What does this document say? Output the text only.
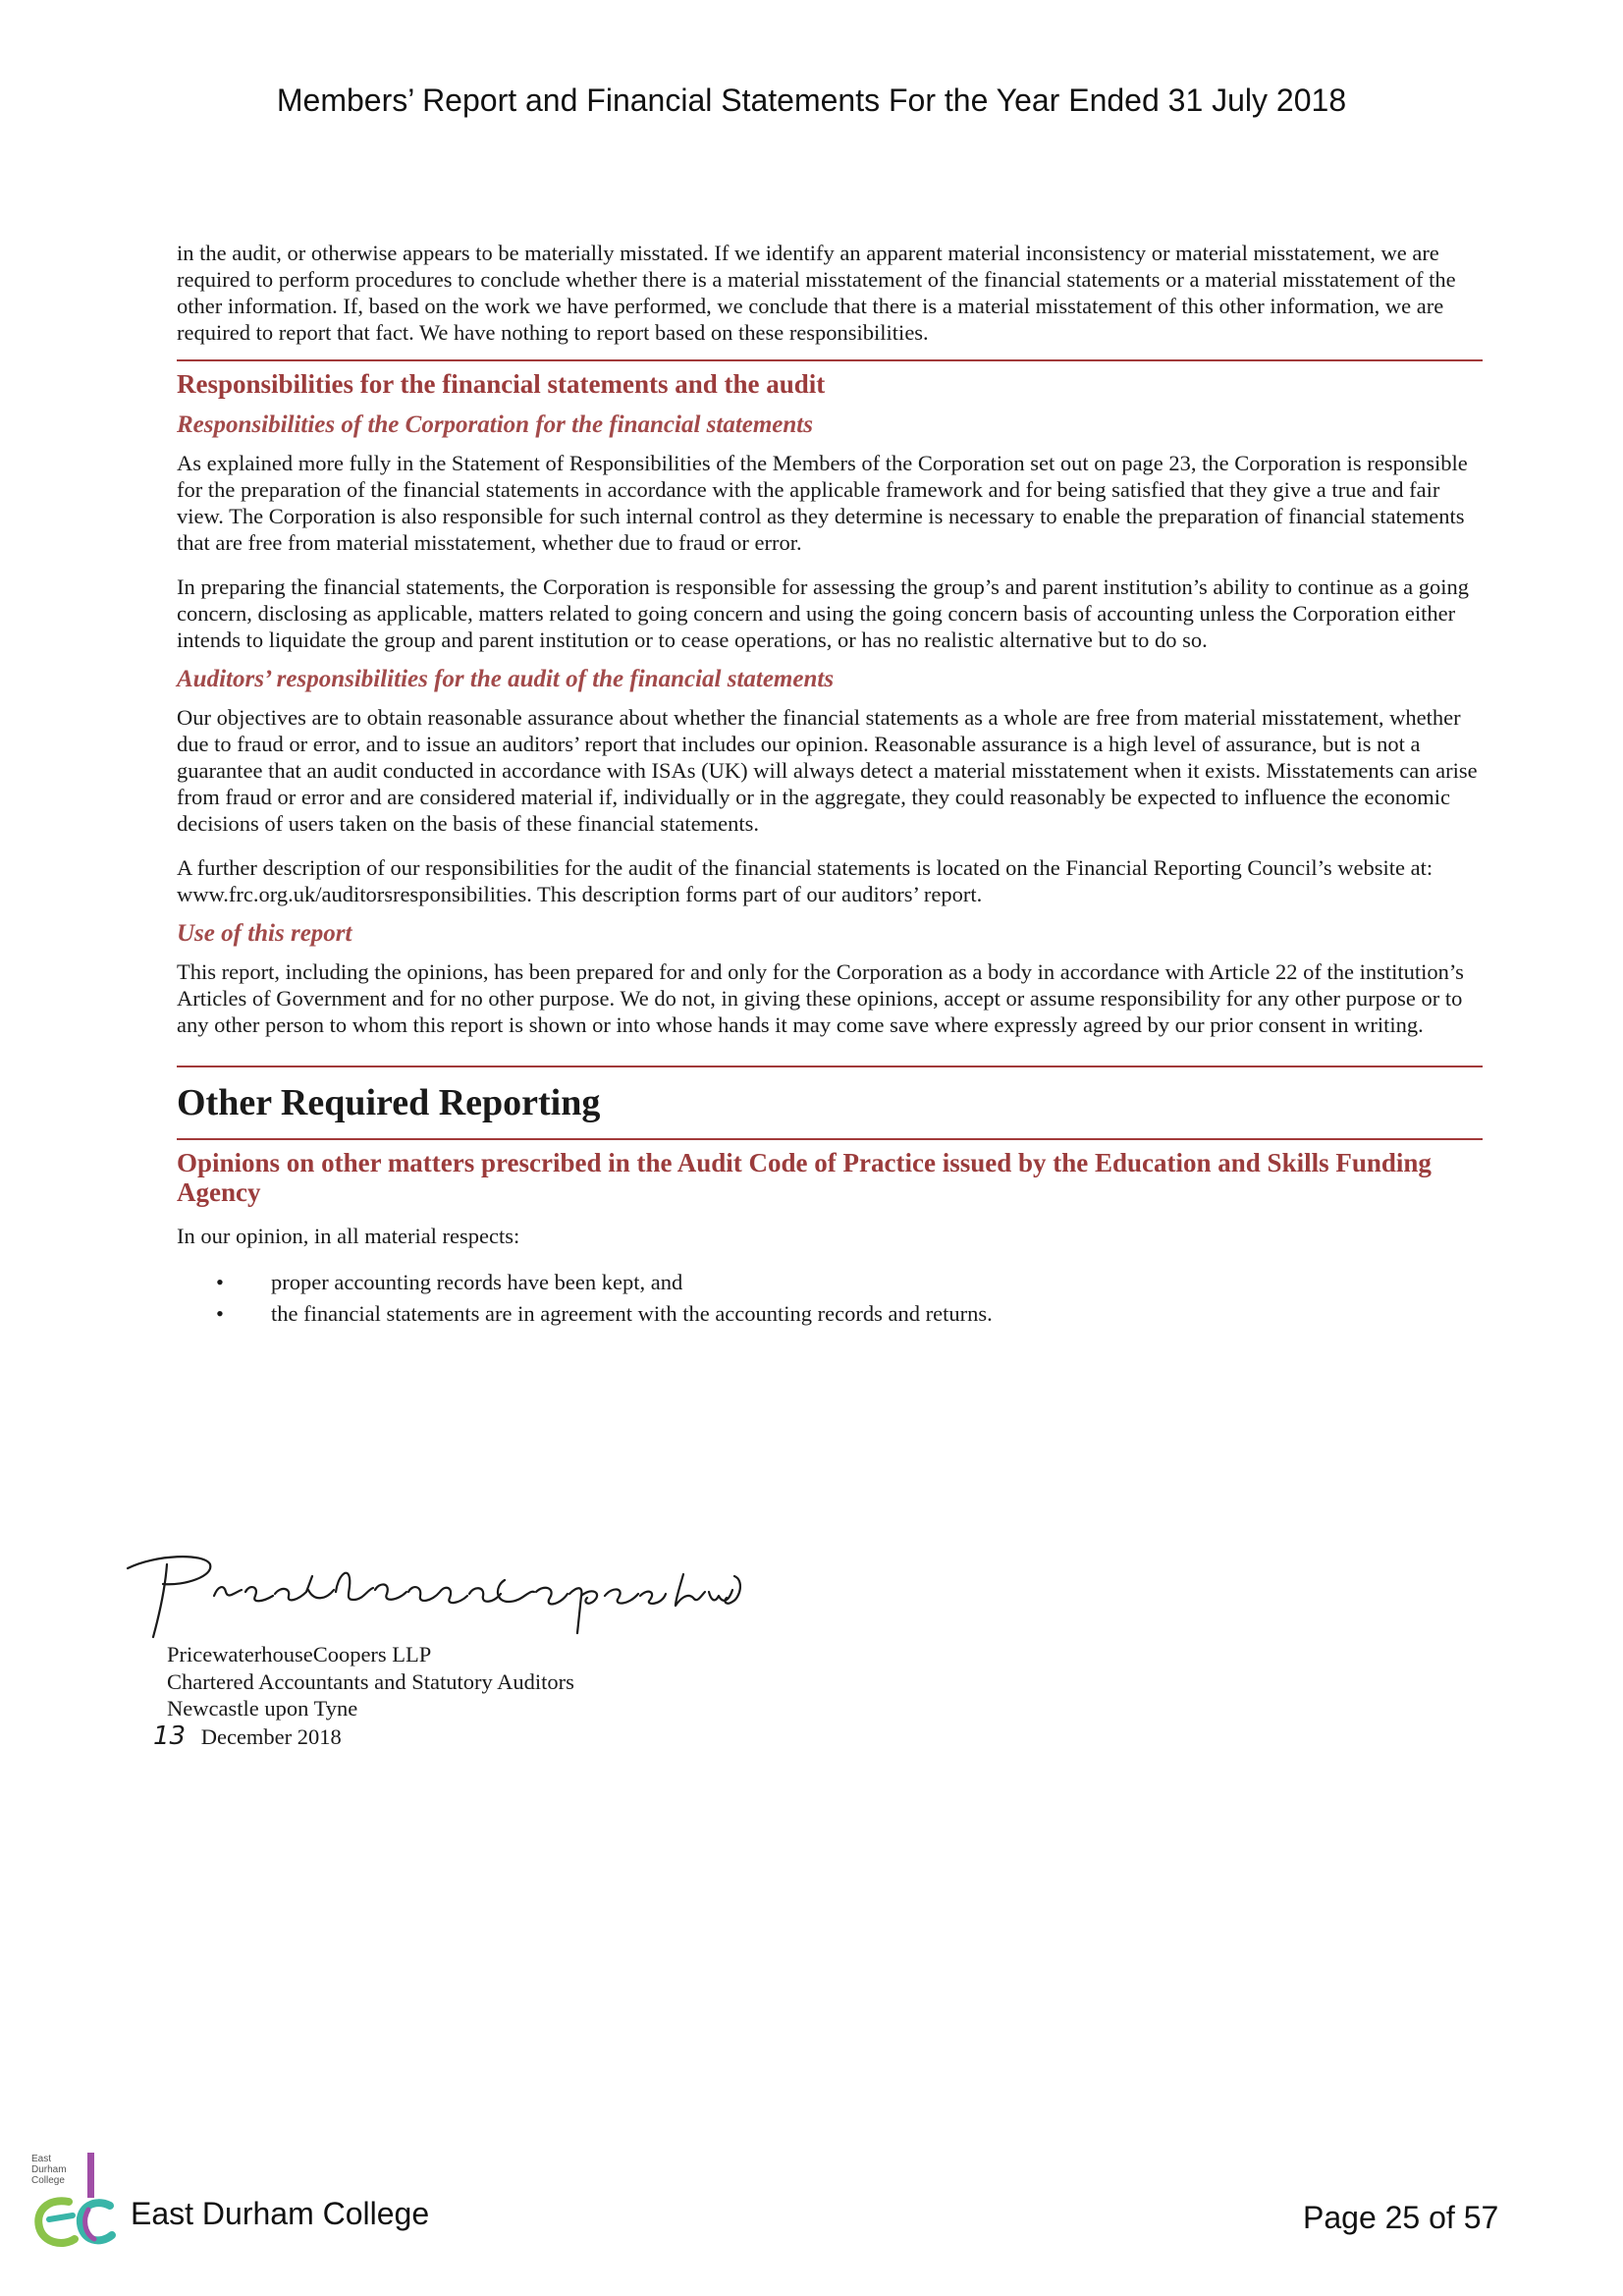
Members’ Report and Financial Statements For the Year Ended 31 July 2018

in the audit, or otherwise appears to be materially misstated. If we identify an apparent material inconsistency or material misstatement, we are required to perform procedures to conclude whether there is a material misstatement of the financial statements or a material misstatement of the other information. If, based on the work we have performed, we conclude that there is a material misstatement of this other information, we are required to report that fact. We have nothing to report based on these responsibilities.

Responsibilities for the financial statements and the audit
Responsibilities of the Corporation for the financial statements

As explained more fully in the Statement of Responsibilities of the Members of the Corporation set out on page 23, the Corporation is responsible for the preparation of the financial statements in accordance with the applicable framework and for being satisfied that they give a true and fair view. The Corporation is also responsible for such internal control as they determine is necessary to enable the preparation of financial statements that are free from material misstatement, whether due to fraud or error.

In preparing the financial statements, the Corporation is responsible for assessing the group’s and parent institution’s ability to continue as a going concern, disclosing as applicable, matters related to going concern and using the going concern basis of accounting unless the Corporation either intends to liquidate the group and parent institution or to cease operations, or has no realistic alternative but to do so.

Auditors’ responsibilities for the audit of the financial statements

Our objectives are to obtain reasonable assurance about whether the financial statements as a whole are free from material misstatement, whether due to fraud or error, and to issue an auditors’ report that includes our opinion. Reasonable assurance is a high level of assurance, but is not a guarantee that an audit conducted in accordance with ISAs (UK) will always detect a material misstatement when it exists. Misstatements can arise from fraud or error and are considered material if, individually or in the aggregate, they could reasonably be expected to influence the economic decisions of users taken on the basis of these financial statements.

A further description of our responsibilities for the audit of the financial statements is located on the Financial Reporting Council’s website at: www.frc.org.uk/auditorsresponsibilities. This description forms part of our auditors’ report.

Use of this report

This report, including the opinions, has been prepared for and only for the Corporation as a body in accordance with Article 22 of the institution’s Articles of Government and for no other purpose. We do not, in giving these opinions, accept or assume responsibility for any other purpose or to any other person to whom this report is shown or into whose hands it may come save where expressly agreed by our prior consent in writing.

Other Required Reporting
Opinions on other matters prescribed in the Audit Code of Practice issued by the Education and Skills Funding Agency

In our opinion, in all material respects:

• proper accounting records have been kept, and
• the financial statements are in agreement with the accounting records and returns.
PricewaterhouseCoopers LLP
Chartered Accountants and Statutory Auditors
Newcastle upon Tyne
13 December 2018
East
Durham
College
East Durham College	Page 25 of 57
